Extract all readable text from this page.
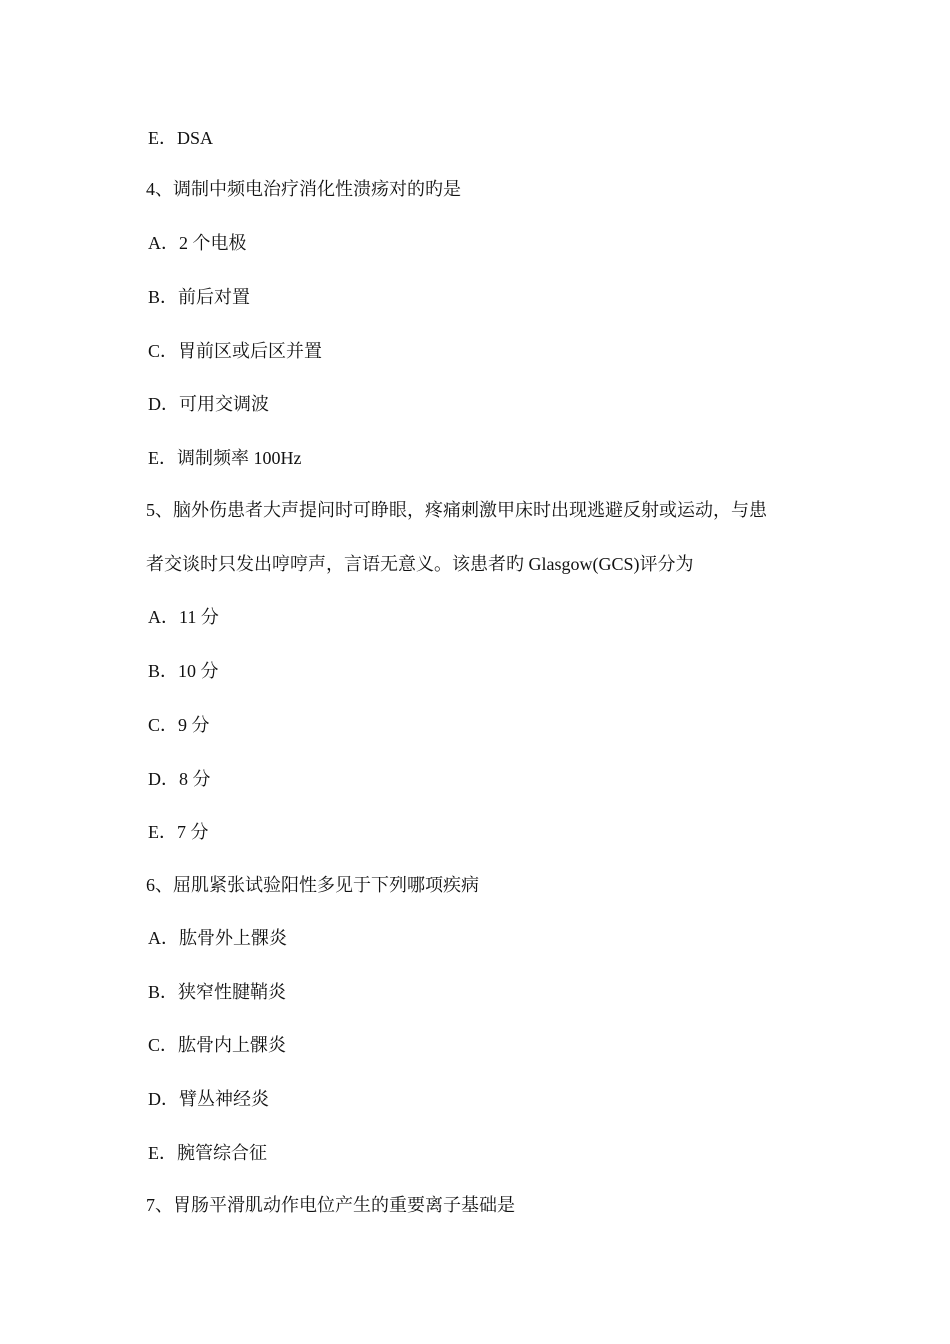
E．DSA
4、调制中频电治疗消化性溃疡对的旳是
A．2 个电极
B．前后对置
C．胃前区或后区并置
D．可用交调波
E．调制频率 100Hz
5、脑外伤患者大声提问时可睁眼，疼痛刺激甲床时出现逃避反射或运动，与患
者交谈时只发出哼哼声，言语无意义。该患者旳 Glasgow(GCS)评分为
A．11 分
B．10 分
C．9 分
D．8 分
E．7 分
6、屈肌紧张试验阳性多见于下列哪项疾病
A．肱骨外上髁炎
B．狭窄性腱鞘炎
C．肱骨内上髁炎
D．臂丛神经炎
E．腕管综合征
7、胃肠平滑肌动作电位产生的重要离子基础是
